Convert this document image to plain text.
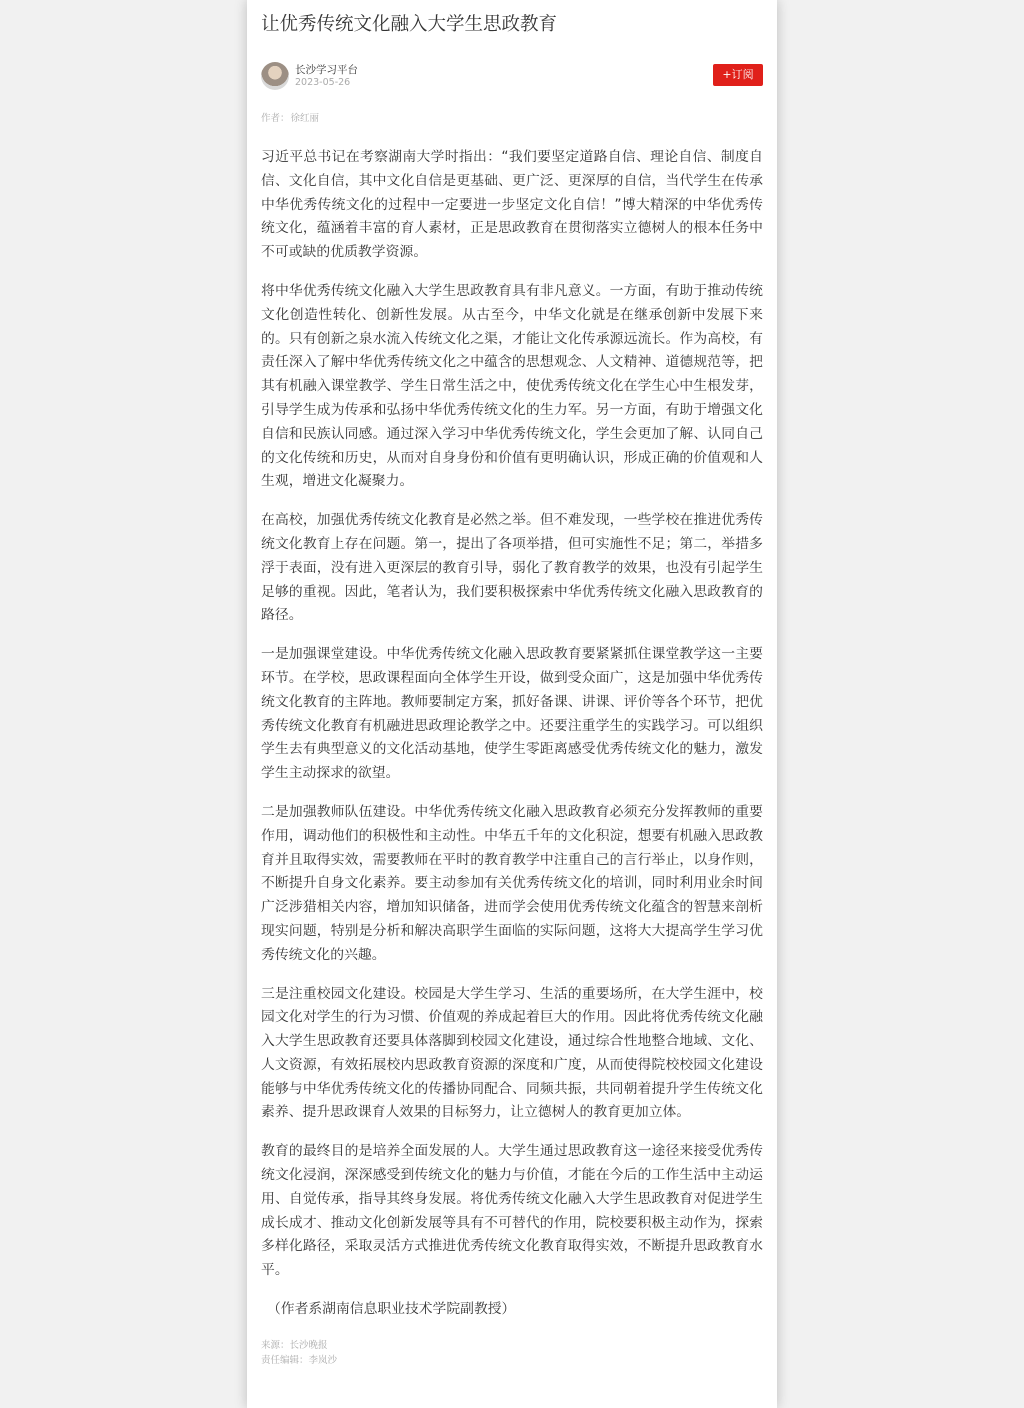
让优秀传统文化融入大学生思政教育
长沙学习平台
2023-05-26
+订阅
作者：徐红丽

习近平总书记在考察湖南大学时指出：“我们要坚定道路自信、理论自信、制度自信、文化自信，其中文化自信是更基础、更广泛、更深厚的自信，当代学生在传承中华优秀传统文化的过程中一定要进一步坚定文化自信！”博大精深的中华优秀传统文化，蕴涵着丰富的育人素材，正是思政教育在贯彻落实立德树人的根本任务中不可或缺的优质教学资源。

将中华优秀传统文化融入大学生思政教育具有非凡意义。一方面，有助于推动传统文化创造性转化、创新性发展。从古至今，中华文化就是在继承创新中发展下来的。只有创新之泉水流入传统文化之渠，才能让文化传承源远流长。作为高校，有责任深入了解中华优秀传统文化之中蕴含的思想观念、人文精神、道德规范等，把其有机融入课堂教学、学生日常生活之中，使优秀传统文化在学生心中生根发芽，引导学生成为传承和弘扬中华优秀传统文化的生力军。另一方面，有助于增强文化自信和民族认同感。通过深入学习中华优秀传统文化，学生会更加了解、认同自己的文化传统和历史，从而对自身身份和价值有更明确认识，形成正确的价值观和人生观，增进文化凝聚力。

在高校，加强优秀传统文化教育是必然之举。但不难发现，一些学校在推进优秀传统文化教育上存在问题。第一，提出了各项举措，但可实施性不足；第二，举措多浮于表面，没有进入更深层的教育引导，弱化了教育教学的效果，也没有引起学生足够的重视。因此，笔者认为，我们要积极探索中华优秀传统文化融入思政教育的路径。

一是加强课堂建设。中华优秀传统文化融入思政教育要紧紧抓住课堂教学这一主要环节。在学校，思政课程面向全体学生开设，做到受众面广，这是加强中华优秀传统文化教育的主阵地。教师要制定方案，抓好备课、讲课、评价等各个环节，把优秀传统文化教育有机融进思政理论教学之中。还要注重学生的实践学习。可以组织学生去有典型意义的文化活动基地，使学生零距离感受优秀传统文化的魅力，激发学生主动探求的欲望。

二是加强教师队伍建设。中华优秀传统文化融入思政教育必须充分发挥教师的重要作用，调动他们的积极性和主动性。中华五千年的文化积淀，想要有机融入思政教育并且取得实效，需要教师在平时的教育教学中注重自己的言行举止，以身作则，不断提升自身文化素养。要主动参加有关优秀传统文化的培训，同时利用业余时间广泛涉猎相关内容，增加知识储备，进而学会使用优秀传统文化蕴含的智慧来剖析现实问题，特别是分析和解决高职学生面临的实际问题，这将大大提高学生学习优秀传统文化的兴趣。

三是注重校园文化建设。校园是大学生学习、生活的重要场所，在大学生涯中，校园文化对学生的行为习惯、价值观的养成起着巨大的作用。因此将优秀传统文化融入大学生思政教育还要具体落脚到校园文化建设，通过综合性地整合地域、文化、人文资源，有效拓展校内思政教育资源的深度和广度，从而使得院校校园文化建设能够与中华优秀传统文化的传播协同配合、同频共振，共同朝着提升学生传统文化素养、提升思政课育人效果的目标努力，让立德树人的教育更加立体。

教育的最终目的是培养全面发展的人。大学生通过思政教育这一途径来接受优秀传统文化浸润，深深感受到传统文化的魅力与价值，才能在今后的工作生活中主动运用、自觉传承，指导其终身发展。将优秀传统文化融入大学生思政教育对促进学生成长成才、推动文化创新发展等具有不可替代的作用，院校要积极主动作为，探索多样化路径，采取灵活方式推进优秀传统文化教育取得实效，不断提升思政教育水平。

（作者系湖南信息职业技术学院副教授）

来源：长沙晚报
责任编辑：李岚沙
